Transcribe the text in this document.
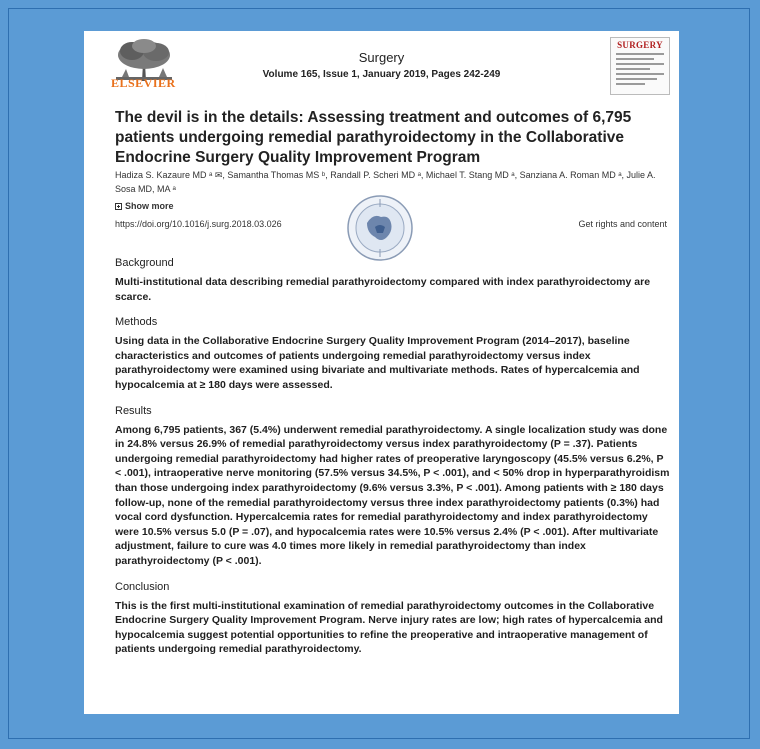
ELSEVIER
Surgery
Volume 165, Issue 1, January 2019, Pages 242-249
SURGERY
The devil is in the details: Assessing treatment and outcomes of 6,795 patients undergoing remedial parathyroidectomy in the Collaborative Endocrine Surgery Quality Improvement Program
Hadiza S. Kazaure MD ᵃ ✉, Samantha Thomas MS ᵇ, Randall P. Scheri MD ᵃ, Michael T. Stang MD ᵃ, Sanziana A. Roman MD ᵃ, Julie A. Sosa MD, MA ᵃ
Show more
https://doi.org/10.1016/j.surg.2018.03.026	Get rights and content
Background
Multi-institutional data describing remedial parathyroidectomy compared with index parathyroidectomy are scarce.
Methods
Using data in the Collaborative Endocrine Surgery Quality Improvement Program (2014–2017), baseline characteristics and outcomes of patients undergoing remedial parathyroidectomy versus index parathyroidectomy were examined using bivariate and multivariate methods. Rates of hypercalcemia and hypocalcemia at ≥ 180 days were assessed.
Results
Among 6,795 patients, 367 (5.4%) underwent remedial parathyroidectomy. A single localization study was done in 24.8% versus 26.9% of remedial parathyroidectomy versus index parathyroidectomy (P = .37). Patients undergoing remedial parathyroidectomy had higher rates of preoperative laryngoscopy (45.5% versus 6.2%, P < .001), intraoperative nerve monitoring (57.5% versus 34.5%, P < .001), and < 50% drop in hyperparathyroidism than those undergoing index parathyroidectomy (9.6% versus 3.3%, P < .001). Among patients with ≥ 180 days follow-up, none of the remedial parathyroidectomy versus three index parathyroidectomy patients (0.3%) had vocal cord dysfunction. Hypercalcemia rates for remedial parathyroidectomy and index parathyroidectomy were 10.5% versus 5.0 (P = .07), and hypocalcemia rates were 10.5% versus 2.4% (P < .001). After multivariate adjustment, failure to cure was 4.0 times more likely in remedial parathyroidectomy than index parathyroidectomy (P < .001).
Conclusion
This is the first multi-institutional examination of remedial parathyroidectomy outcomes in the Collaborative Endocrine Surgery Quality Improvement Program. Nerve injury rates are low; high rates of hypercalcemia and hypocalcemia suggest potential opportunities to refine the preoperative and intraoperative management of patients undergoing remedial parathyroidectomy.
